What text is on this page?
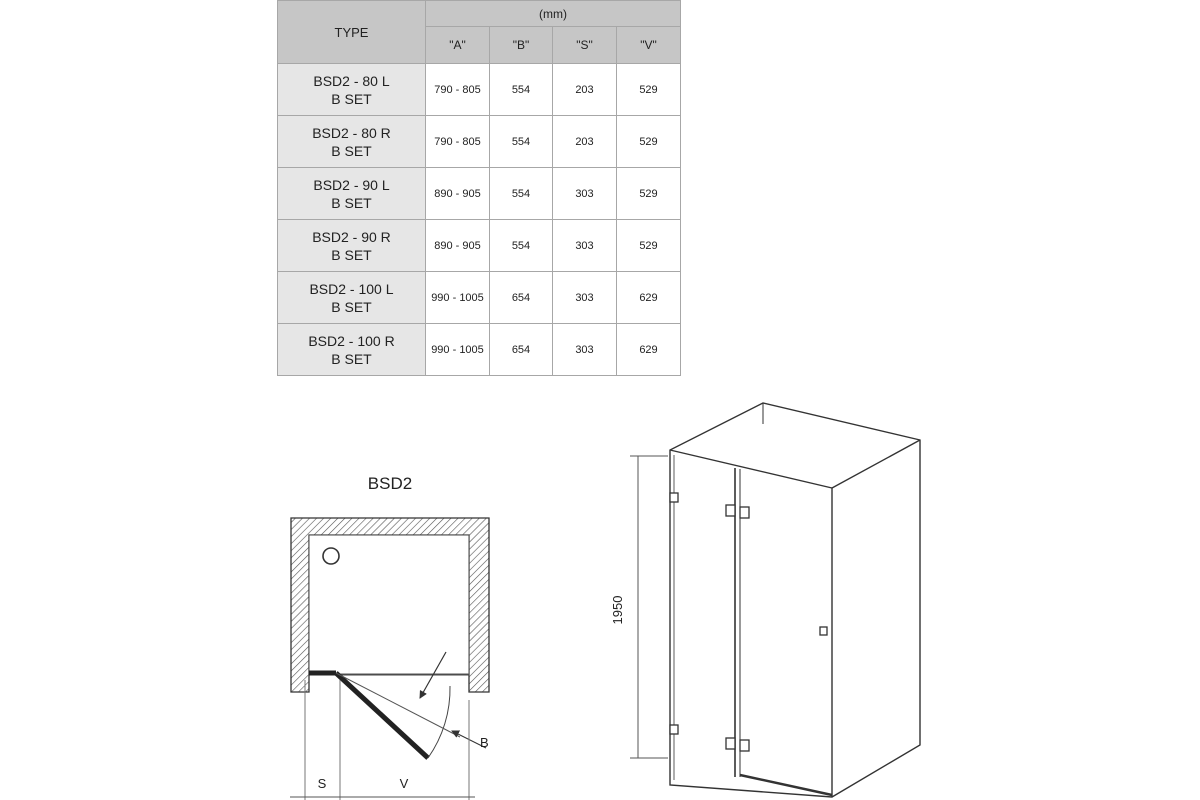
TYPE	(mm)			
	"A"	"B"	"S"	"V"

BSD2 - 80 L
B SET	790 - 805	554	203	529

BSD2 - 80 R
B SET	790 - 805	554	203	529

BSD2 - 90 L
B SET	890 - 905	554	303	529

BSD2 - 90 R
B SET	890 - 905	554	303	529

BSD2 - 100 L
B SET	990 - 1005	654	303	629

BSD2 - 100 R
B SET	990 - 1005	654	303	629
BSD2
B
S	V
1950
